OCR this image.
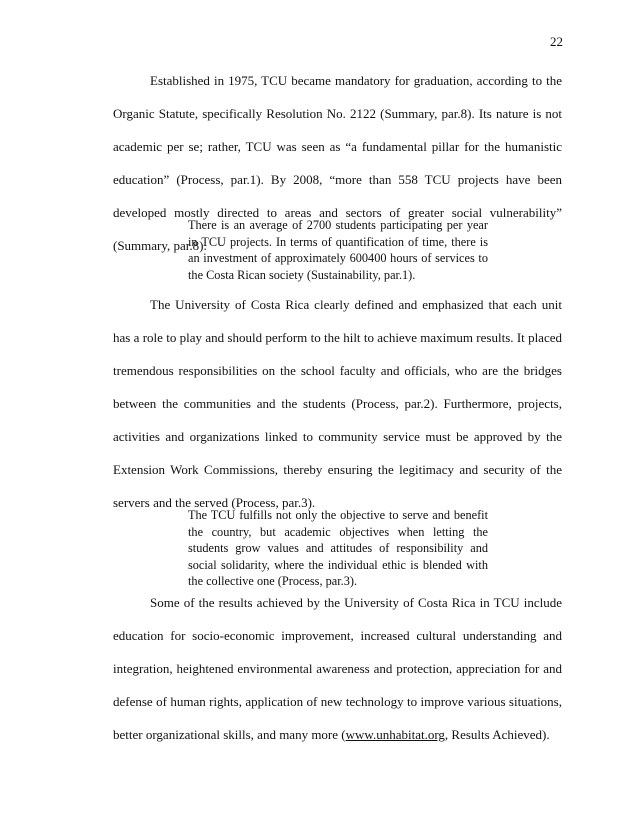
22

Established in 1975, TCU became mandatory for graduation, according to the Organic Statute, specifically Resolution No. 2122 (Summary, par.8). Its nature is not academic per se; rather, TCU was seen as “a fundamental pillar for the humanistic education” (Process, par.1). By 2008, “more than 558 TCU projects have been developed mostly directed to areas and sectors of greater social vulnerability” (Summary, par.8).

There is an average of 2700 students participating per year in TCU projects. In terms of quantification of time, there is an investment of approximately 600400 hours of services to the Costa Rican society (Sustainability, par.1).

The University of Costa Rica clearly defined and emphasized that each unit has a role to play and should perform to the hilt to achieve maximum results. It placed tremendous responsibilities on the school faculty and officials, who are the bridges between the communities and the students (Process, par.2). Furthermore, projects, activities and organizations linked to community service must be approved by the Extension Work Commissions, thereby ensuring the legitimacy and security of the servers and the served (Process, par.3).

The TCU fulfills not only the objective to serve and benefit the country, but academic objectives when letting the students grow values and attitudes of responsibility and social solidarity, where the individual ethic is blended with the collective one (Process, par.3).

Some of the results achieved by the University of Costa Rica in TCU include education for socio-economic improvement, increased cultural understanding and integration, heightened environmental awareness and protection, appreciation for and defense of human rights, application of new technology to improve various situations, better organizational skills, and many more (www.unhabitat.org, Results Achieved).
